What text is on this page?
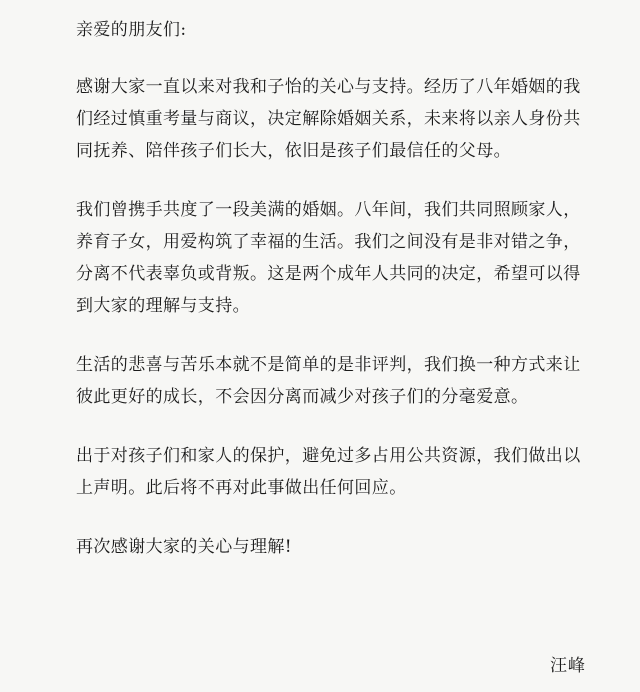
亲爱的朋友们:

感谢大家一直以来对我和子怡的关心与支持。经历了八年婚姻的我们经过慎重考量与商议，决定解除婚姻关系，未来将以亲人身份共同抚养、陪伴孩子们长大，依旧是孩子们最信任的父母。

我们曾携手共度了一段美满的婚姻。八年间，我们共同照顾家人，养育子女，用爱构筑了幸福的生活。我们之间没有是非对错之争，分离不代表辜负或背叛。这是两个成年人共同的决定，希望可以得到大家的理解与支持。

生活的悲喜与苦乐本就不是简单的是非评判，我们换一种方式来让彼此更好的成长，不会因分离而减少对孩子们的分毫爱意。

出于对孩子们和家人的保护，避免过多占用公共资源，我们做出以上声明。此后将不再对此事做出任何回应。

再次感谢大家的关心与理解!

汪峰
